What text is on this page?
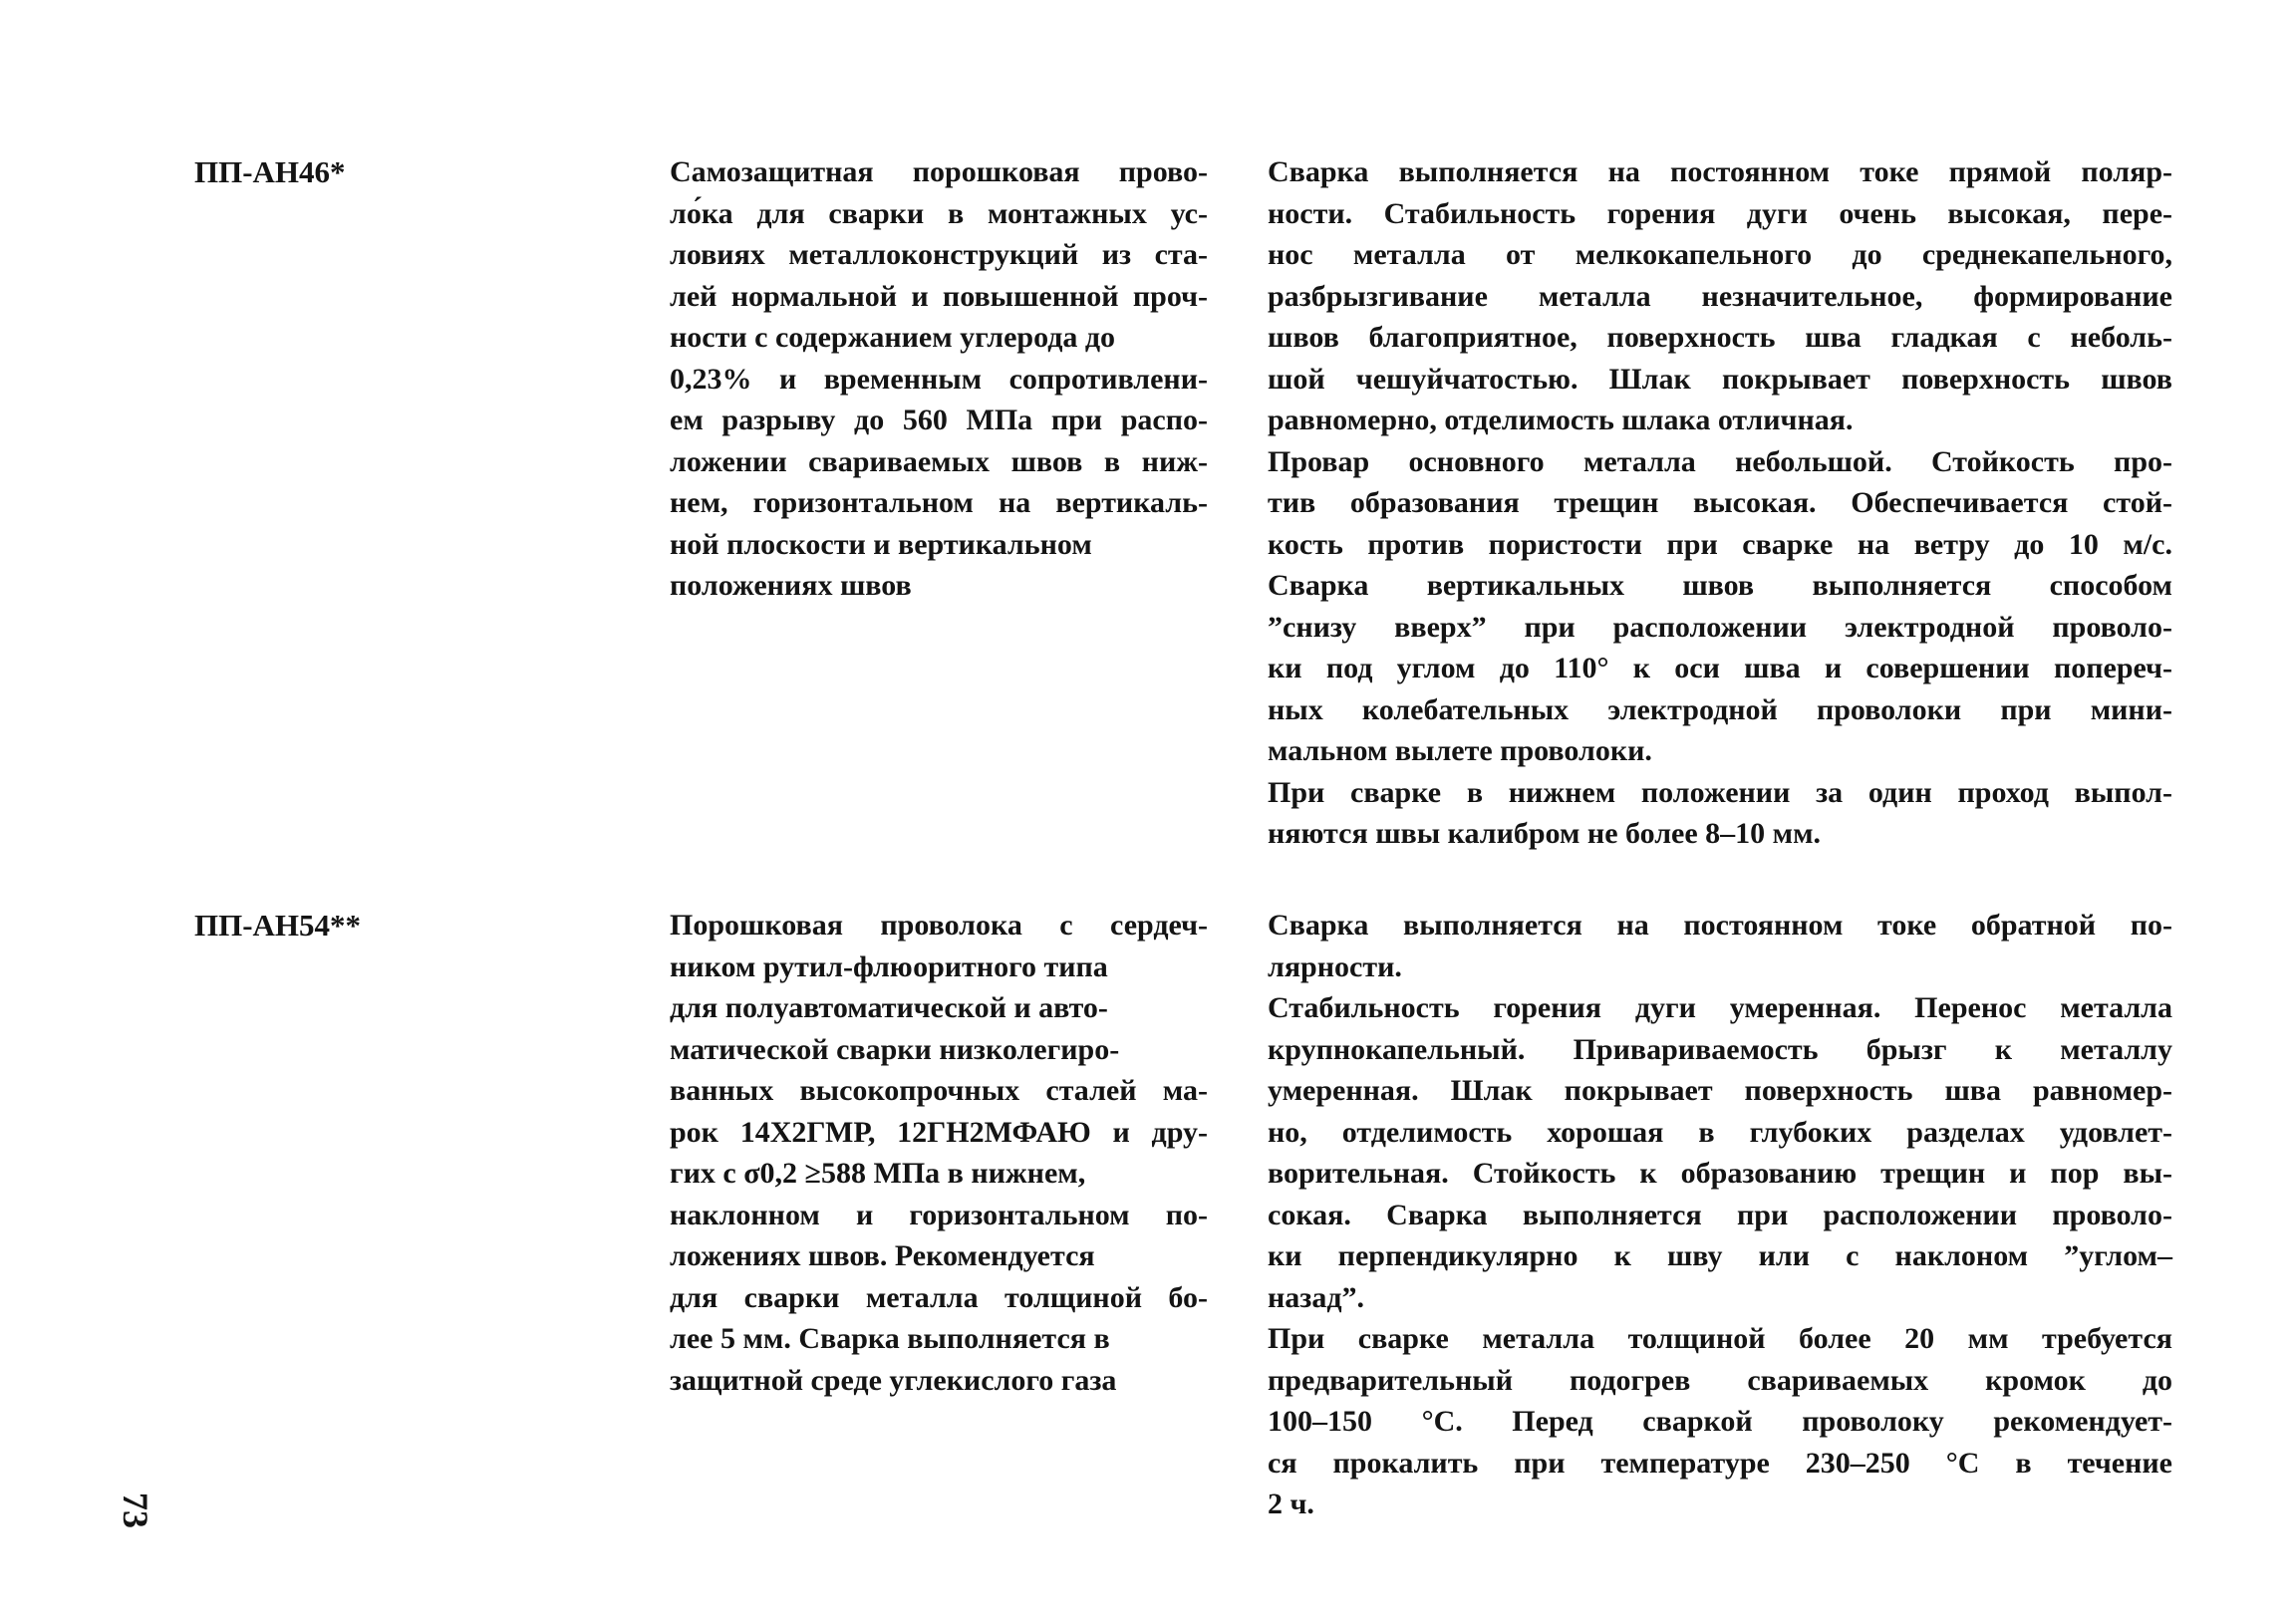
ПП-АН46*	Самозащитная порошковая прово-
ло́ка для сварки в монтажных ус-
ловиях металлоконструкций из ста-
лей нормальной и повышенной проч-
ности с содержанием углерода до
0,23% и временным сопротивлени-
ем разрыву до 560 МПа при распо-
ложении свариваемых швов в ниж-
нем, горизонтальном на вертикаль-
ной плоскости и вертикальном
положениях швов
Сварка выполняется на постоянном токе прямой поляр-
ности. Стабильность горения дуги очень высокая, пере-
нос металла от мелкокапельного до среднекапельного,
разбрызгивание металла незначительное, формирование
швов благоприятное, поверхность шва гладкая с неболь-
шой чешуйчатостью. Шлак покрывает поверхность швов
равномерно, отделимость шлака отличная.
Провар основного металла небольшой. Стойкость про-
тив образования трещин высокая. Обеспечивается стой-
кость против пористости при сварке на ветру до 10 м/с.
Сварка вертикальных швов выполняется способом
”снизу вверх” при расположении электродной проволо-
ки под углом до 110° к оси шва и совершении попереч-
ных колебательных электродной проволоки при мини-
мальном вылете проволоки.
При сварке в нижнем положении за один проход выпол-
няются швы калибром не более 8–10 мм.
ПП-АН54**	Порошковая проволока с сердеч-
ником рутил-флюоритного типа
для полуавтоматической и авто-
матической сварки низколегиро-
ванных высокопрочных сталей ма-
рок 14Х2ГМР, 12ГН2МФАЮ и дру-
гих с σ0,2 ≥588 МПа в нижнем,
наклонном и горизонтальном по-
ложениях швов. Рекомендуется
для сварки металла толщиной бо-
лее 5 мм. Сварка выполняется в
защитной среде углекислого газа
Сварка выполняется на постоянном токе обратной по-
лярности.
Стабильность горения дуги умеренная. Перенос металла
крупнокапельный. Привариваемость брызг к металлу
умеренная. Шлак покрывает поверхность шва равномер-
но, отделимость хорошая в глубоких разделах удовлет-
ворительная. Стойкость к образованию трещин и пор вы-
сокая. Сварка выполняется при расположении проволо-
ки перпендикулярно к шву или с наклоном ”углом–
назад”.
При сварке металла толщиной более 20 мм требуется
предварительный подогрев свариваемых кромок до
100–150 °С. Перед сваркой проволоку рекомендует-
ся прокалить при температуре 230–250 °С в течение
2 ч.
73
